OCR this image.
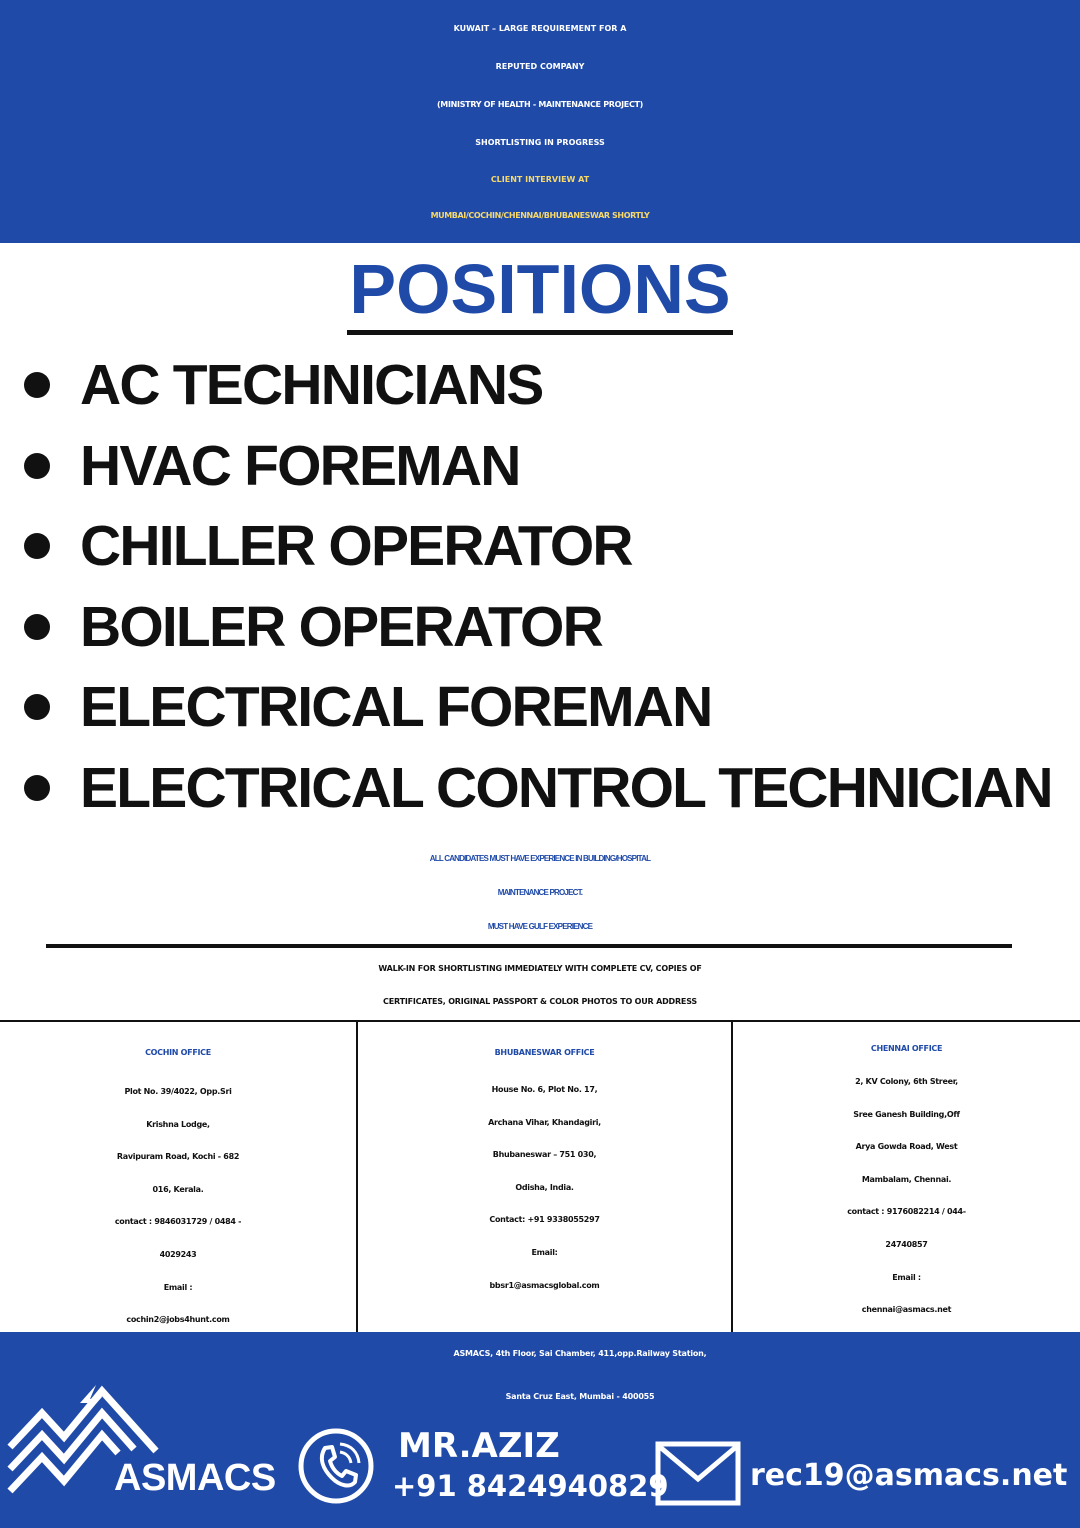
KUWAIT – LARGE REQUIREMENT FOR A
REPUTED COMPANY
(MINISTRY OF HEALTH - MAINTENANCE PROJECT)
SHORTLISTING IN PROGRESS
CLIENT INTERVIEW AT
MUMBAI/COCHIN/CHENNAI/BHUBANESWAR SHORTLY
POSITIONS
AC TECHNICIANS
HVAC FOREMAN
CHILLER OPERATOR
BOILER OPERATOR
ELECTRICAL FOREMAN
ELECTRICAL CONTROL TECHNICIAN
ALL CANDIDATES MUST HAVE EXPERIENCE IN BUILDING/HOSPITAL
MAINTENANCE PROJECT.
MUST HAVE GULF EXPERIENCE
WALK-IN FOR SHORTLISTING IMMEDIATELY WITH COMPLETE CV, COPIES OF
CERTIFICATES, ORIGINAL PASSPORT & COLOR PHOTOS TO OUR ADDRESS
COCHIN OFFICE
Plot No. 39/4022, Opp.Sri
Krishna Lodge,
Ravipuram Road, Kochi - 682
016, Kerala.
contact : 9846031729 / 0484 -
4029243
Email :
cochin2@jobs4hunt.com
BHUBANESWAR OFFICE
House No. 6, Plot No. 17,
Archana Vihar, Khandagiri,
Bhubaneswar – 751 030,
Odisha, India.
Contact: +91 9338055297
Email:
bbsr1@asmacsglobal.com
CHENNAI OFFICE
2, KV Colony, 6th Streer,
Sree Ganesh Building,Off
Arya Gowda Road, West
Mambalam, Chennai.
contact : 9176082214 / 044-
24740857
Email :
chennai@asmacs.net
ASMACS, 4th Floor, Sai Chamber, 411,opp.Railway Station,
Santa Cruz East, Mumbai - 400055
ASMACS
MR.AZIZ
+91 8424940829	rec19@asmacs.net
